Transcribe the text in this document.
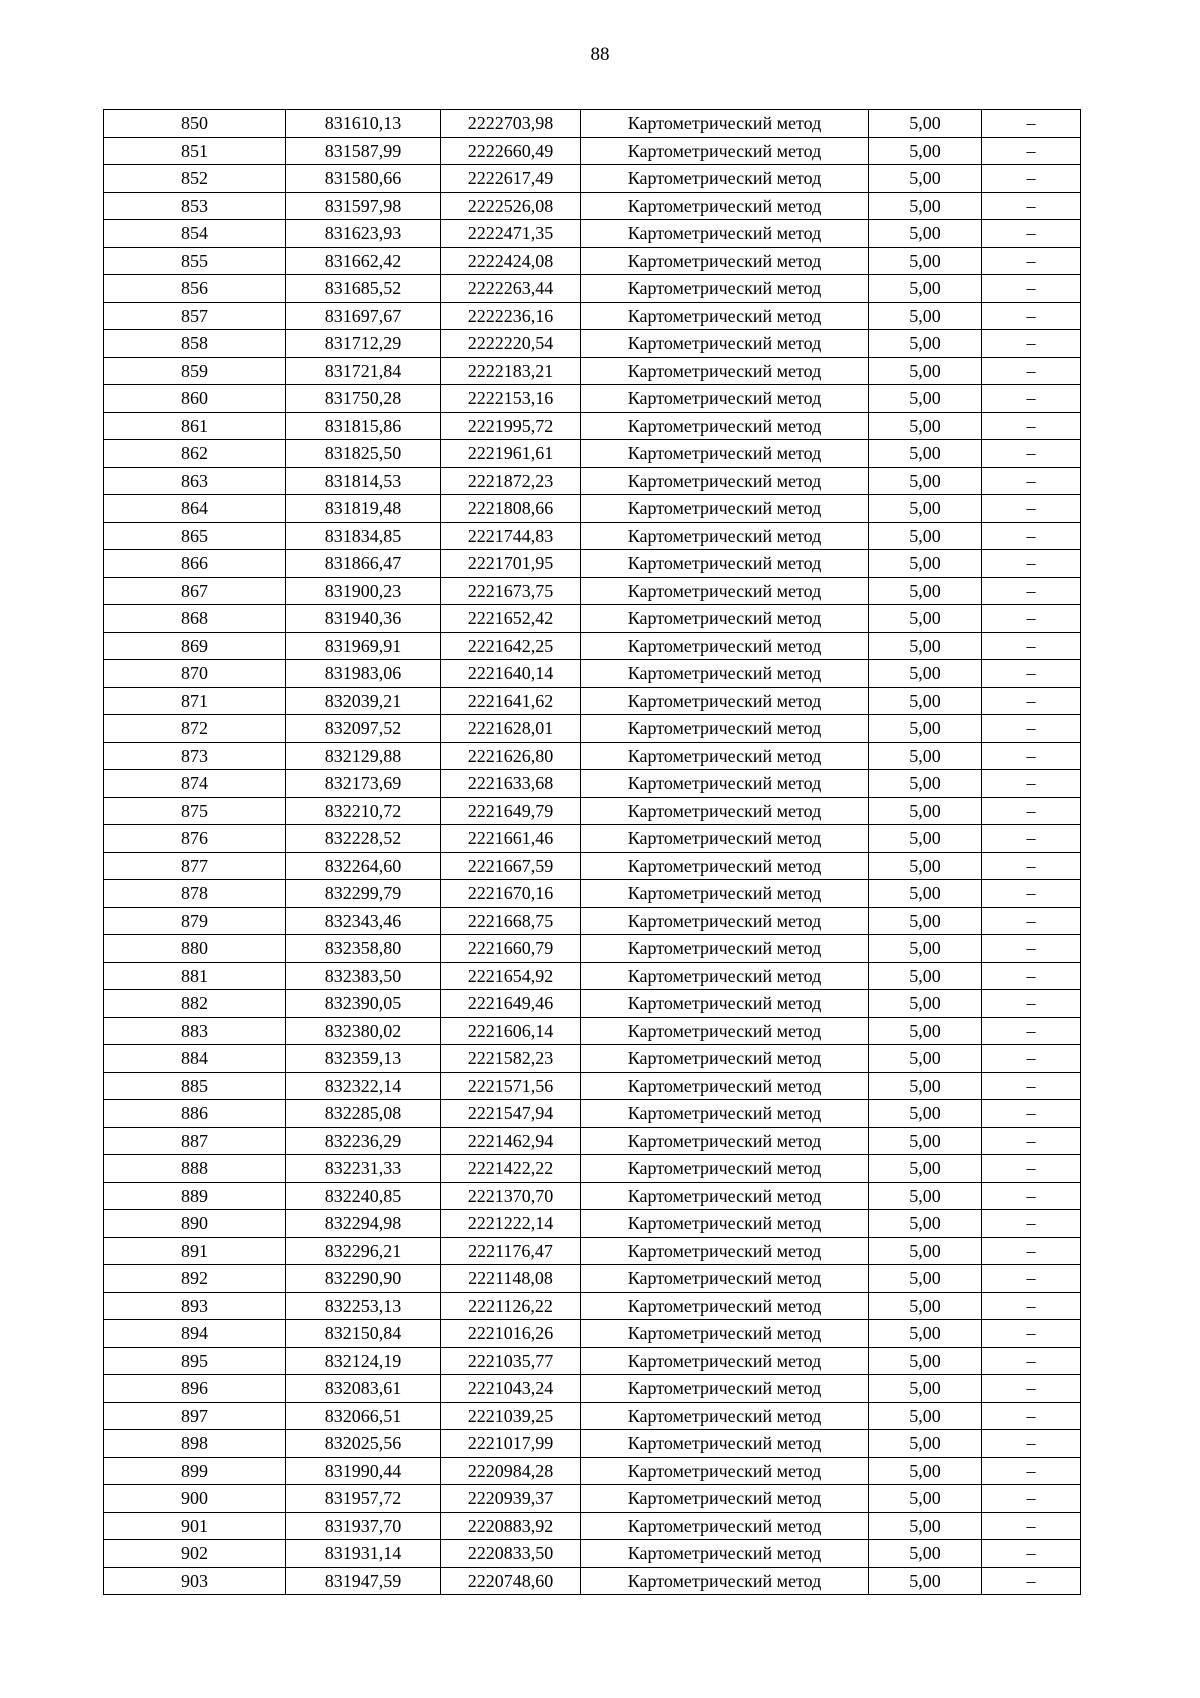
88
850	831610,13	2222703,98	Картометрический метод	5,00	–
851	831587,99	2222660,49	Картометрический метод	5,00	–
852	831580,66	2222617,49	Картометрический метод	5,00	–
853	831597,98	2222526,08	Картометрический метод	5,00	–
854	831623,93	2222471,35	Картометрический метод	5,00	–
855	831662,42	2222424,08	Картометрический метод	5,00	–
856	831685,52	2222263,44	Картометрический метод	5,00	–
857	831697,67	2222236,16	Картометрический метод	5,00	–
858	831712,29	2222220,54	Картометрический метод	5,00	–
859	831721,84	2222183,21	Картометрический метод	5,00	–
860	831750,28	2222153,16	Картометрический метод	5,00	–
861	831815,86	2221995,72	Картометрический метод	5,00	–
862	831825,50	2221961,61	Картометрический метод	5,00	–
863	831814,53	2221872,23	Картометрический метод	5,00	–
864	831819,48	2221808,66	Картометрический метод	5,00	–
865	831834,85	2221744,83	Картометрический метод	5,00	–
866	831866,47	2221701,95	Картометрический метод	5,00	–
867	831900,23	2221673,75	Картометрический метод	5,00	–
868	831940,36	2221652,42	Картометрический метод	5,00	–
869	831969,91	2221642,25	Картометрический метод	5,00	–
870	831983,06	2221640,14	Картометрический метод	5,00	–
871	832039,21	2221641,62	Картометрический метод	5,00	–
872	832097,52	2221628,01	Картометрический метод	5,00	–
873	832129,88	2221626,80	Картометрический метод	5,00	–
874	832173,69	2221633,68	Картометрический метод	5,00	–
875	832210,72	2221649,79	Картометрический метод	5,00	–
876	832228,52	2221661,46	Картометрический метод	5,00	–
877	832264,60	2221667,59	Картометрический метод	5,00	–
878	832299,79	2221670,16	Картометрический метод	5,00	–
879	832343,46	2221668,75	Картометрический метод	5,00	–
880	832358,80	2221660,79	Картометрический метод	5,00	–
881	832383,50	2221654,92	Картометрический метод	5,00	–
882	832390,05	2221649,46	Картометрический метод	5,00	–
883	832380,02	2221606,14	Картометрический метод	5,00	–
884	832359,13	2221582,23	Картометрический метод	5,00	–
885	832322,14	2221571,56	Картометрический метод	5,00	–
886	832285,08	2221547,94	Картометрический метод	5,00	–
887	832236,29	2221462,94	Картометрический метод	5,00	–
888	832231,33	2221422,22	Картометрический метод	5,00	–
889	832240,85	2221370,70	Картометрический метод	5,00	–
890	832294,98	2221222,14	Картометрический метод	5,00	–
891	832296,21	2221176,47	Картометрический метод	5,00	–
892	832290,90	2221148,08	Картометрический метод	5,00	–
893	832253,13	2221126,22	Картометрический метод	5,00	–
894	832150,84	2221016,26	Картометрический метод	5,00	–
895	832124,19	2221035,77	Картометрический метод	5,00	–
896	832083,61	2221043,24	Картометрический метод	5,00	–
897	832066,51	2221039,25	Картометрический метод	5,00	–
898	832025,56	2221017,99	Картометрический метод	5,00	–
899	831990,44	2220984,28	Картометрический метод	5,00	–
900	831957,72	2220939,37	Картометрический метод	5,00	–
901	831937,70	2220883,92	Картометрический метод	5,00	–
902	831931,14	2220833,50	Картометрический метод	5,00	–
903	831947,59	2220748,60	Картометрический метод	5,00	–
